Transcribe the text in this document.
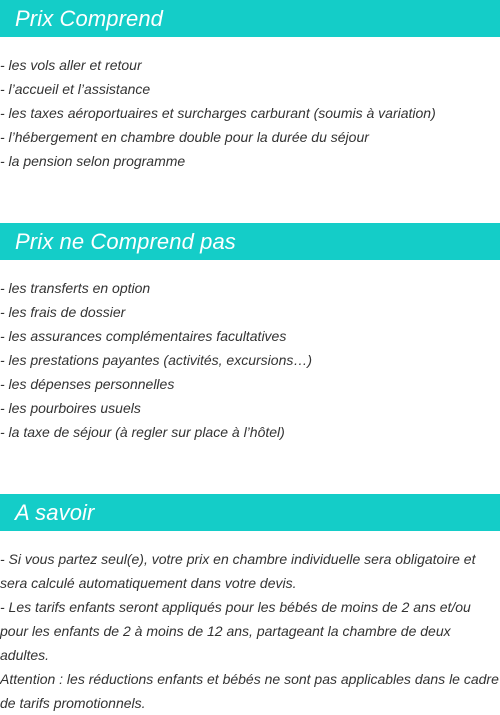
Prix Comprend
- les vols aller et retour
- l’accueil et l’assistance
- les taxes aéroportuaires et surcharges carburant (soumis à variation)
- l’hébergement en chambre double pour la durée du séjour
- la pension selon programme
Prix ne Comprend pas
- les transferts en option
- les frais de dossier
- les assurances complémentaires facultatives
- les prestations payantes (activités, excursions…)
- les dépenses personnelles
- les pourboires usuels
- la taxe de séjour (à regler sur place à l’hôtel)
A savoir

- Si vous partez seul(e), votre prix en chambre individuelle sera obligatoire et sera calculé automatiquement dans votre devis.

- Les tarifs enfants seront appliqués pour les bébés de moins de 2 ans et/ou pour les enfants de 2 à moins de 12 ans, partageant la chambre de deux adultes.

Attention : les réductions enfants et bébés ne sont pas applicables dans le cadre de tarifs promotionnels.
